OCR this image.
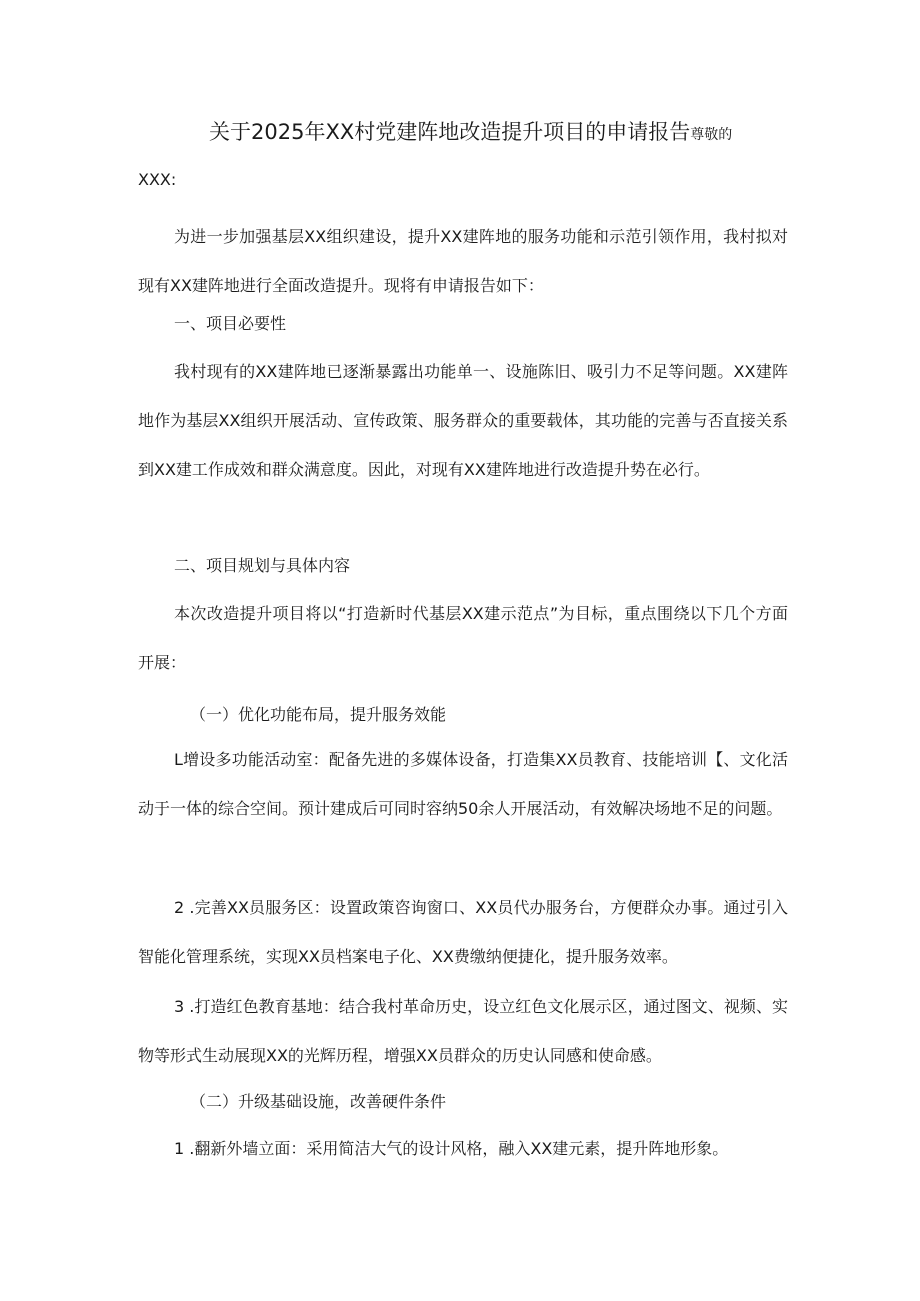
关于2025年XX村党建阵地改造提升项目的申请报告尊敬的
XXX:
为进一步加强基层XX组织建设，提升XX建阵地的服务功能和示范引领作用，我村拟对现有XX建阵地进行全面改造提升。现将有申请报告如下：
一、项目必要性
我村现有的XX建阵地已逐渐暴露出功能单一、设施陈旧、吸引力不足等问题。XX建阵地作为基层XX组织开展活动、宣传政策、服务群众的重要载体，其功能的完善与否直接关系到XX建工作成效和群众满意度。因此，对现有XX建阵地进行改造提升势在必行。
二、项目规划与具体内容
本次改造提升项目将以“打造新时代基层XX建示范点”为目标，重点围绕以下几个方面开展：
（一）优化功能布局，提升服务效能
L增设多功能活动室：配备先进的多媒体设备，打造集XX员教育、技能培训【、文化活动于一体的综合空间。预计建成后可同时容纳50余人开展活动，有效解决场地不足的问题。
2 .完善XX员服务区：设置政策咨询窗口、XX员代办服务台，方便群众办事。通过引入智能化管理系统，实现XX员档案电子化、XX费缴纳便捷化，提升服务效率。
3 .打造红色教育基地：结合我村革命历史，设立红色文化展示区，通过图文、视频、实物等形式生动展现XX的光辉历程，增强XX员群众的历史认同感和使命感。
（二）升级基础设施，改善硬件条件
1 .翻新外墙立面：采用简洁大气的设计风格，融入XX建元素，提升阵地形象。
